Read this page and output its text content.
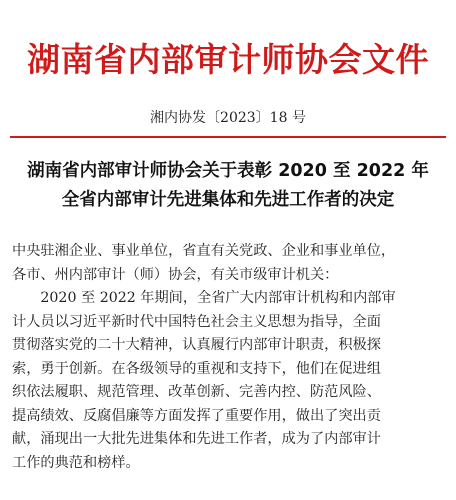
湖南省内部审计师协会文件
湘内协发〔2023〕18 号
湖南省内部审计师协会关于表彰 2020 至 2022 年
全省内部审计先进集体和先进工作者的决定
中央驻湘企业、事业单位，省直有关党政、企业和事业单位，
各市、州内部审计（师）协会，有关市级审计机关：
　　2020 至 2022 年期间，全省广大内部审计机构和内部审
计人员以习近平新时代中国特色社会主义思想为指导，全面
贯彻落实党的二十大精神，认真履行内部审计职责，积极探
索，勇于创新。在各级领导的重视和支持下，他们在促进组
织依法履职、规范管理、改革创新、完善内控、防范风险、
提高绩效、反腐倡廉等方面发挥了重要作用，做出了突出贡
献，涌现出一大批先进集体和先进工作者，成为了内部审计
工作的典范和榜样。
